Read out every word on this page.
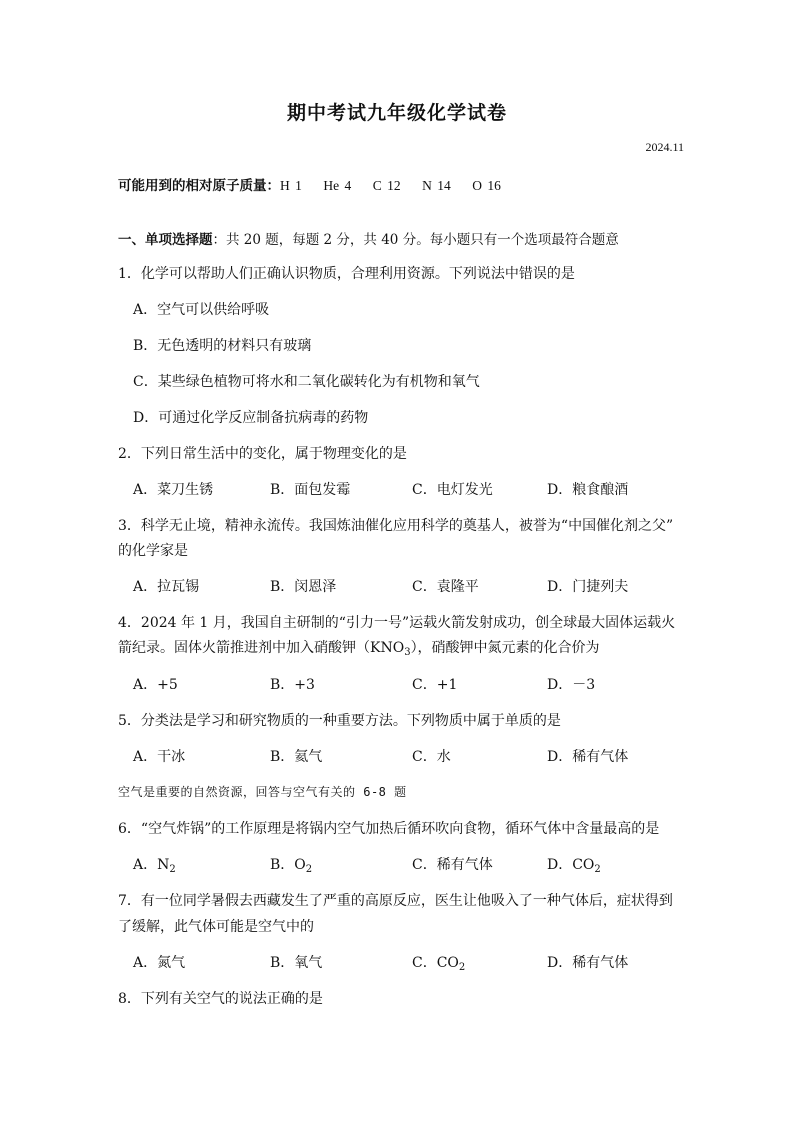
期中考试九年级化学试卷
2024.11
可能用到的相对原子质量：H 1    He 4    C 12    N 14    O 16
一、单项选择题：共 20 题，每题 2 分，共 40 分。每小题只有一个选项最符合题意
1．化学可以帮助人们正确认识物质，合理利用资源。下列说法中错误的是
A．空气可以供给呼吸
B．无色透明的材料只有玻璃
C．某些绿色植物可将水和二氧化碳转化为有机物和氧气
D．可通过化学反应制备抗病毒的药物
2．下列日常生活中的变化，属于物理变化的是
A．菜刀生锈	B．面包发霉	C．电灯发光	D．粮食酿酒
3．科学无止境，精神永流传。我国炼油催化应用科学的奠基人，被誉为“中国催化剂之父”
的化学家是
A．拉瓦锡	B．闵恩泽	C．袁隆平	D．门捷列夫
4．2024 年 1 月，我国自主研制的“引力一号”运载火箭发射成功，创全球最大固体运载火
箭纪录。固体火箭推进剂中加入硝酸钾$(KNO_3)$，硝酸钾中氮元素的化合价为
A．+5	B．+3	C．+1	D．－3
5．分类法是学习和研究物质的一种重要方法。下列物质中属于单质的是
A．干冰	B．氦气	C．水	D．稀有气体
空气是重要的自然资源，回答与空气有关的 6-8 题
6．“空气炸锅”的工作原理是将锅内空气加热后循环吹向食物，循环气体中含量最高的是
A．$N_2$	B．$O_2$	C．稀有气体	D．$CO_2$
7．有一位同学暑假去西藏发生了严重的高原反应，医生让他吸入了一种气体后，症状得到
了缓解，此气体可能是空气中的
A．氮气	B．氧气	C．$CO_2$	D．稀有气体
8．下列有关空气的说法正确的是
